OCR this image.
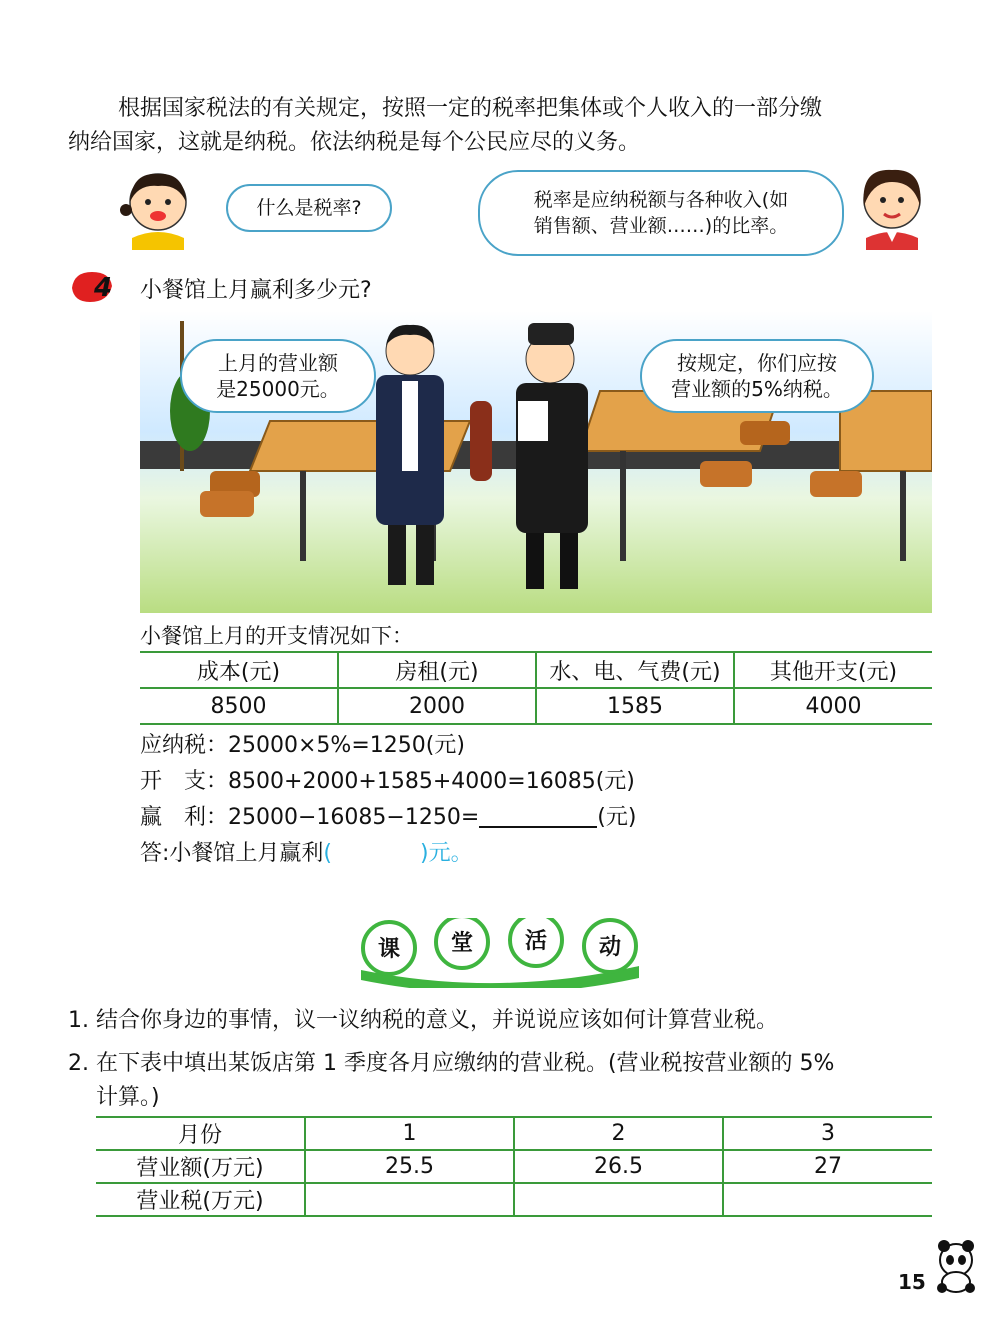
根据国家税法的有关规定，按照一定的税率把集体或个人收入的一部分缴
纳给国家，这就是纳税。依法纳税是每个公民应尽的义务。
什么是税率?	税率是应纳税额与各种收入(如
销售额、营业额……)的比率。
4 小餐馆上月赢利多少元?
上月的营业额
是25000元。
按规定，你们应按
营业额的5%纳税。
小餐馆上月的开支情况如下：
成本(元)	房租(元)	水、电、气费(元)	其他开支(元)
8500	2000	1585	4000
应纳税：25000×5%=1250(元)
开　支：8500+2000+1585+4000=16085(元)
赢　利：25000−16085−1250=	(元)
答:小餐馆上月赢利(	)元。
课 堂 活 动
1. 结合你身边的事情，议一议纳税的意义，并说说应该如何计算营业税。
2. 在下表中填出某饭店第 1 季度各月应缴纳的营业税。(营业税按营业额的 5%
计算。)
月份	1	2	3
营业额(万元)	25.5	26.5	27
营业税(万元)			
15
